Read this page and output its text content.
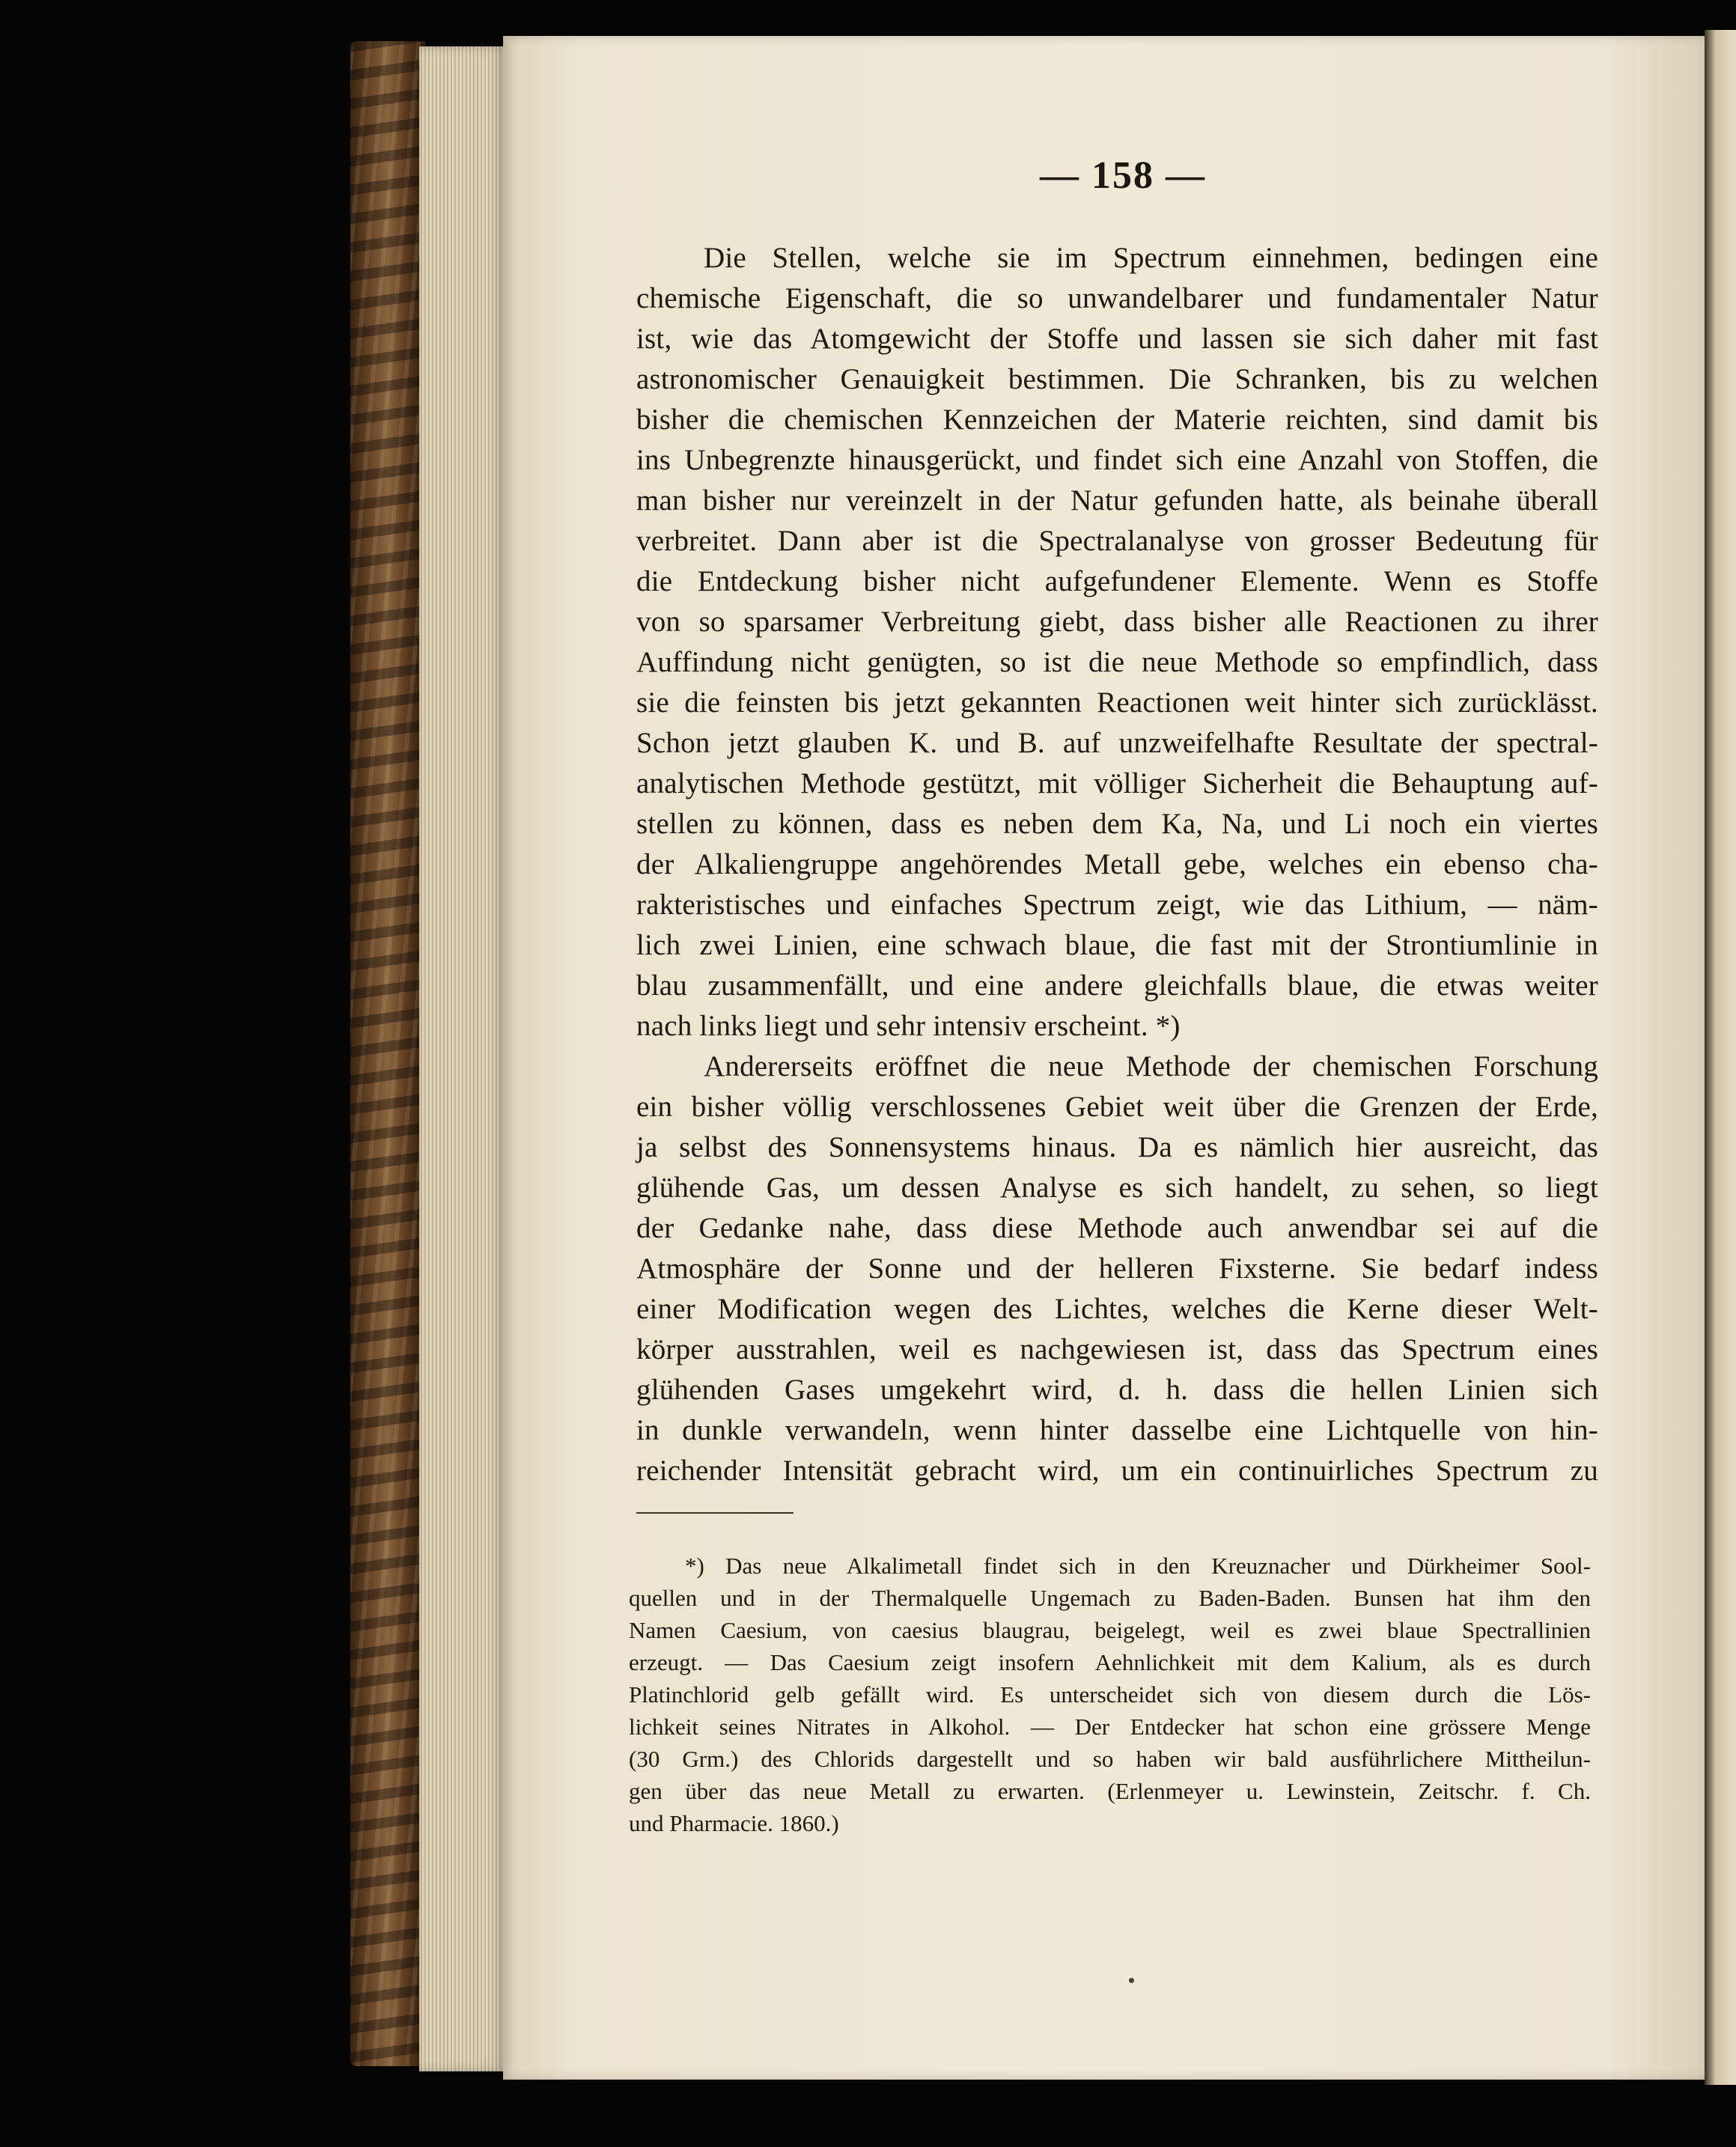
— 158 —
Die Stellen, welche sie im Spectrum einnehmen, bedingen eine
chemische Eigenschaft, die so unwandelbarer und fundamentaler Natur
ist, wie das Atomgewicht der Stoffe und lassen sie sich daher mit fast
astronomischer Genauigkeit bestimmen. Die Schranken, bis zu welchen
bisher die chemischen Kennzeichen der Materie reichten, sind damit bis
ins Unbegrenzte hinausgerückt, und findet sich eine Anzahl von Stoffen, die
man bisher nur vereinzelt in der Natur gefunden hatte, als beinahe überall
verbreitet. Dann aber ist die Spectralanalyse von grosser Bedeutung für
die Entdeckung bisher nicht aufgefundener Elemente. Wenn es Stoffe
von so sparsamer Verbreitung giebt, dass bisher alle Reactionen zu ihrer
Auffindung nicht genügten, so ist die neue Methode so empfindlich, dass
sie die feinsten bis jetzt gekannten Reactionen weit hinter sich zurücklässt.
Schon jetzt glauben K. und B. auf unzweifelhafte Resultate der spectral-
analytischen Methode gestützt, mit völliger Sicherheit die Behauptung auf-
stellen zu können, dass es neben dem Ka, Na, und Li noch ein viertes
der Alkaliengruppe angehörendes Metall gebe, welches ein ebenso cha-
rakteristisches und einfaches Spectrum zeigt, wie das Lithium, — näm-
lich zwei Linien, eine schwach blaue, die fast mit der Strontiumlinie in
blau zusammenfällt, und eine andere gleichfalls blaue, die etwas weiter
nach links liegt und sehr intensiv erscheint. *)
Andererseits eröffnet die neue Methode der chemischen Forschung
ein bisher völlig verschlossenes Gebiet weit über die Grenzen der Erde,
ja selbst des Sonnensystems hinaus. Da es nämlich hier ausreicht, das
glühende Gas, um dessen Analyse es sich handelt, zu sehen, so liegt
der Gedanke nahe, dass diese Methode auch anwendbar sei auf die
Atmosphäre der Sonne und der helleren Fixsterne. Sie bedarf indess
einer Modification wegen des Lichtes, welches die Kerne dieser Welt-
körper ausstrahlen, weil es nachgewiesen ist, dass das Spectrum eines
glühenden Gases umgekehrt wird, d. h. dass die hellen Linien sich
in dunkle verwandeln, wenn hinter dasselbe eine Lichtquelle von hin-
reichender Intensität gebracht wird, um ein continuirliches Spectrum zu
*) Das neue Alkalimetall findet sich in den Kreuznacher und Dürkheimer Sool-
quellen und in der Thermalquelle Ungemach zu Baden-Baden. Bunsen hat ihm den
Namen Caesium, von caesius blaugrau, beigelegt, weil es zwei blaue Spectrallinien
erzeugt. — Das Caesium zeigt insofern Aehnlichkeit mit dem Kalium, als es durch
Platinchlorid gelb gefällt wird. Es unterscheidet sich von diesem durch die Lös-
lichkeit seines Nitrates in Alkohol. — Der Entdecker hat schon eine grössere Menge
(30 Grm.) des Chlorids dargestellt und so haben wir bald ausführlichere Mittheilun-
gen über das neue Metall zu erwarten. (Erlenmeyer u. Lewinstein, Zeitschr. f. Ch.
und Pharmacie. 1860.)
